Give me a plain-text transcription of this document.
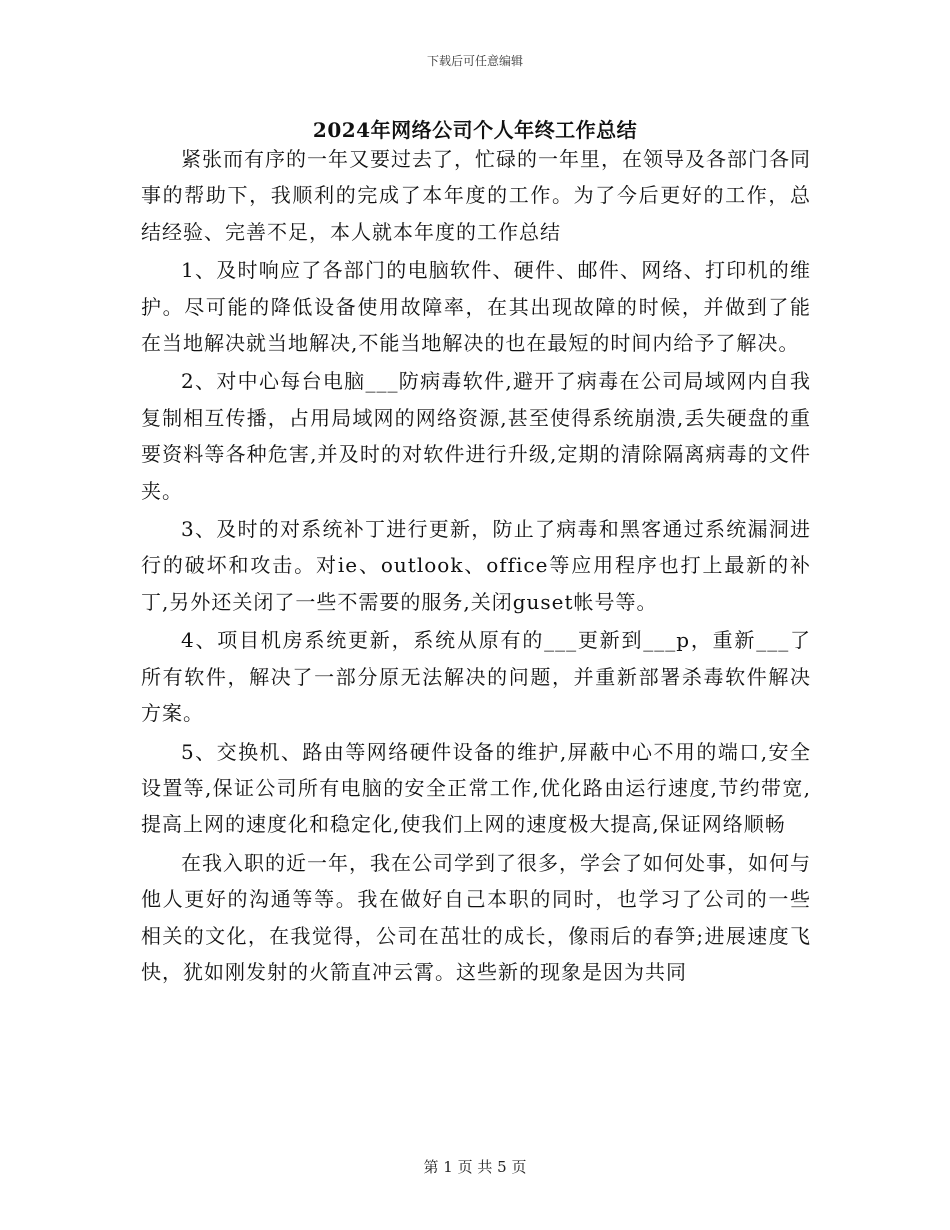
下载后可任意编辑
2024年网络公司个人年终工作总结

紧张而有序的一年又要过去了，忙碌的一年里，在领导及各部门各同事的帮助下，我顺利的完成了本年度的工作。为了今后更好的工作，总结经验、完善不足，本人就本年度的工作总结

1、及时响应了各部门的电脑软件、硬件、邮件、网络、打印机的维护。尽可能的降低设备使用故障率，在其出现故障的时候，并做到了能在当地解决就当地解决,不能当地解决的也在最短的时间内给予了解决。

2、对中心每台电脑___防病毒软件,避开了病毒在公司局域网内自我复制相互传播，占用局域网的网络资源,甚至使得系统崩溃,丢失硬盘的重要资料等各种危害,并及时的对软件进行升级,定期的清除隔离病毒的文件夹。

3、及时的对系统补丁进行更新，防止了病毒和黑客通过系统漏洞进行的破坏和攻击。对ie、outlook、office等应用程序也打上最新的补丁,另外还关闭了一些不需要的服务,关闭guset帐号等。

4、项目机房系统更新，系统从原有的___更新到___p，重新___了所有软件，解决了一部分原无法解决的问题，并重新部署杀毒软件解决方案。

5、交换机、路由等网络硬件设备的维护,屏蔽中心不用的端口,安全设置等,保证公司所有电脑的安全正常工作,优化路由运行速度,节约带宽,提高上网的速度化和稳定化,使我们上网的速度极大提高,保证网络顺畅

在我入职的近一年，我在公司学到了很多，学会了如何处事，如何与他人更好的沟通等等。我在做好自己本职的同时，也学习了公司的一些相关的文化，在我觉得，公司在茁壮的成长，像雨后的春笋;进展速度飞快，犹如刚发射的火箭直冲云霄。这些新的现象是因为共同

第 1 页 共 5 页
